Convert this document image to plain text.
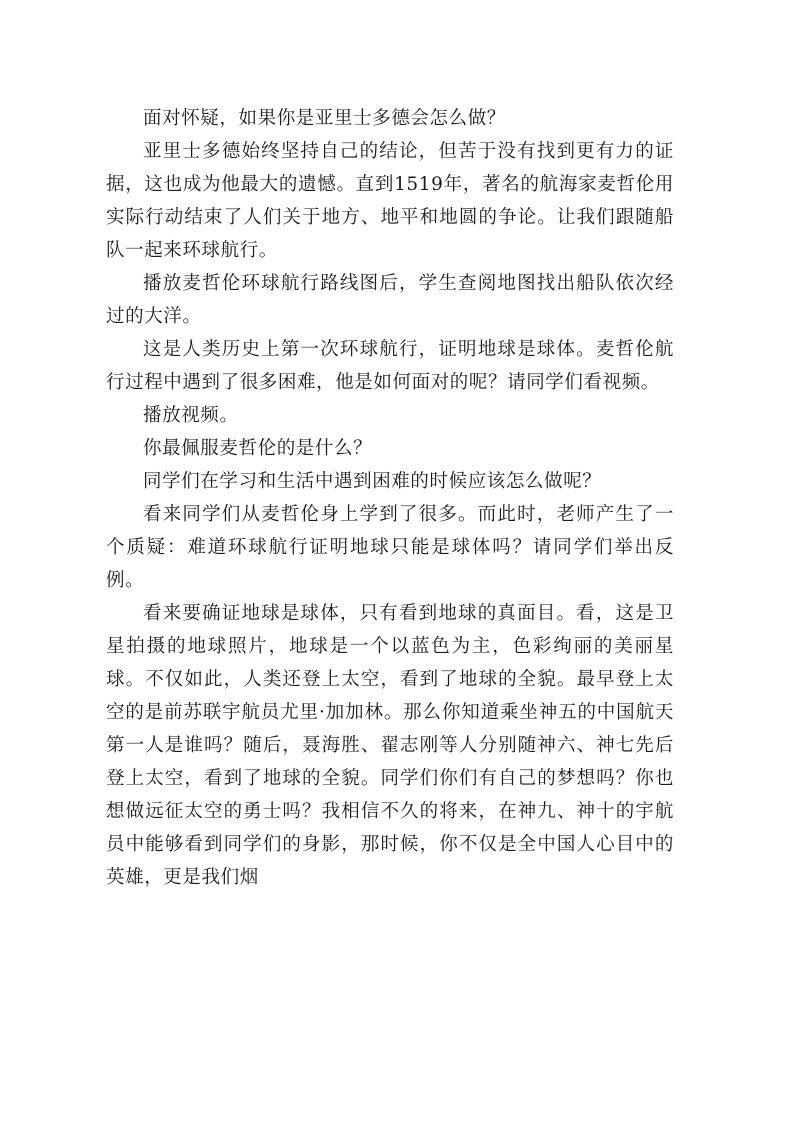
面对怀疑，如果你是亚里士多德会怎么做？

亚里士多德始终坚持自己的结论，但苦于没有找到更有力的证据，这也成为他最大的遗憾。直到1519年，著名的航海家麦哲伦用实际行动结束了人们关于地方、地平和地圆的争论。让我们跟随船队一起来环球航行。

播放麦哲伦环球航行路线图后，学生查阅地图找出船队依次经过的大洋。

这是人类历史上第一次环球航行，证明地球是球体。麦哲伦航行过程中遇到了很多困难，他是如何面对的呢？请同学们看视频。

播放视频。

你最佩服麦哲伦的是什么？

同学们在学习和生活中遇到困难的时候应该怎么做呢？

看来同学们从麦哲伦身上学到了很多。而此时，老师产生了一个质疑：难道环球航行证明地球只能是球体吗？请同学们举出反例。

看来要确证地球是球体，只有看到地球的真面目。看，这是卫星拍摄的地球照片，地球是一个以蓝色为主，色彩绚丽的美丽星球。不仅如此，人类还登上太空，看到了地球的全貌。最早登上太空的是前苏联宇航员尤里·加加林。那么你知道乘坐神五的中国航天第一人是谁吗？随后，聂海胜、翟志刚等人分别随神六、神七先后登上太空，看到了地球的全貌。同学们你们有自己的梦想吗？你也想做远征太空的勇士吗？我相信不久的将来，在神九、神十的宇航员中能够看到同学们的身影，那时候，你不仅是全中国人心目中的英雄，更是我们烟
